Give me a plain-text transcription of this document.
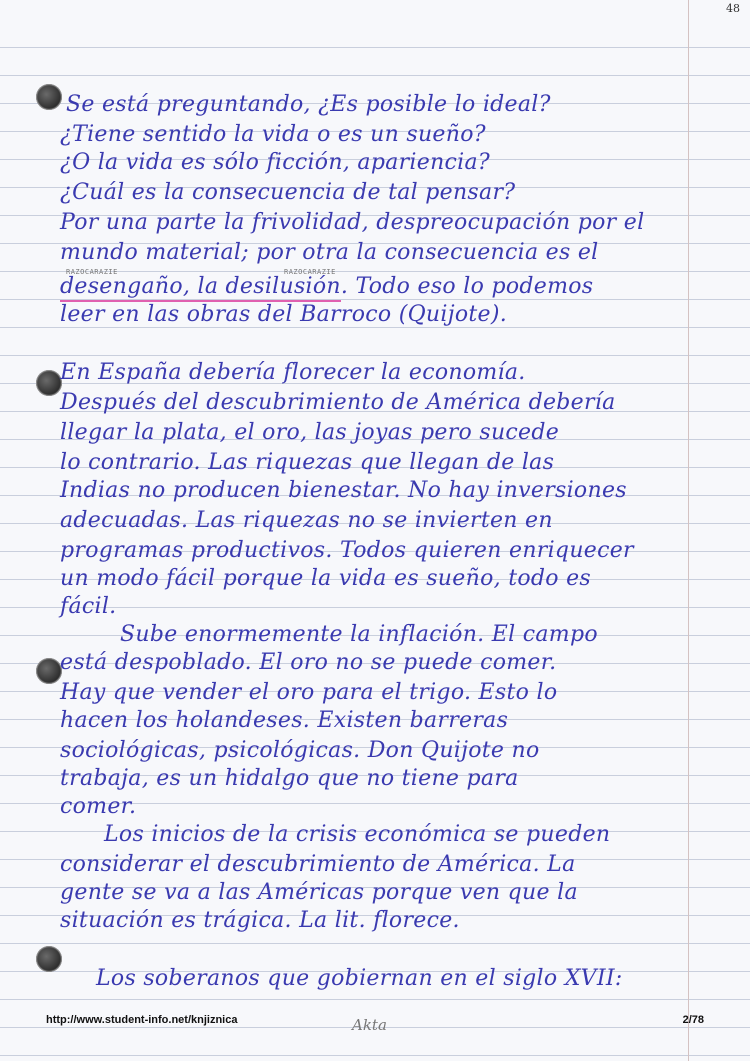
48
RAZOCARAZIE	RAZOCARAZIE
Se está preguntando, ¿Es posible lo ideal?
¿Tiene sentido la vida o es un sueño?
¿O la vida es sólo ficción, apariencia?
¿Cuál es la consecuencia de tal pensar?
Por una parte la frivolidad, despreocupación por el
mundo material; por otra la consecuencia es el
desengaño, la desilusión. Todo eso lo podemos
leer en las obras del Barroco (Quijote).
En España debería florecer la economía.
Después del descubrimiento de América debería
llegar la plata, el oro, las joyas pero sucede
lo contrario. Las riquezas que llegan de las
Indias no producen bienestar. No hay inversiones
adecuadas. Las riquezas no se invierten en
programas productivos. Todos quieren enriquecer
un modo fácil porque la vida es sueño, todo es
fácil.
Sube enormemente la inflación. El campo
está despoblado. El oro no se puede comer.
Hay que vender el oro para el trigo. Esto lo
hacen los holandeses. Existen barreras
sociológicas, psicológicas. Don Quijote no
trabaja, es un hidalgo que no tiene para
comer.
Los inicios de la crisis económica se pueden
considerar el descubrimiento de América. La
gente se va a las Américas porque ven que la
situación es trágica. La lit. florece.
Los soberanos que gobiernan en el siglo XVII:
http://www.student-info.net/knjiznica	Akta	2/78
